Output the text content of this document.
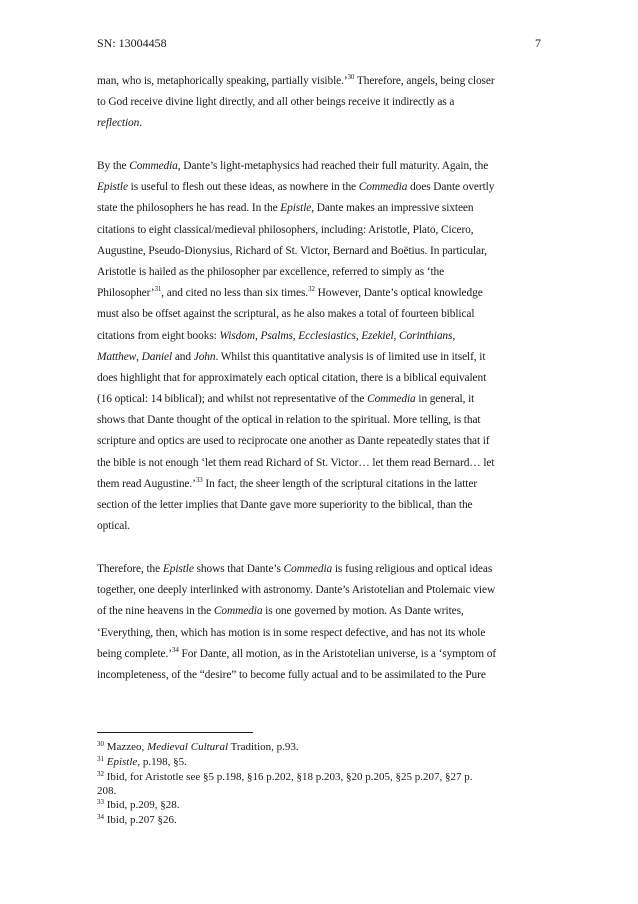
SN: 13004458	7
man, who is, metaphorically speaking, partially visible.’$^{30}$ Therefore, angels, being closer
to God receive divine light directly, and all other beings receive it indirectly as a
reflection.
By the Commedia, Dante’s light-metaphysics had reached their full maturity. Again, the
Epistle is useful to flesh out these ideas, as nowhere in the Commedia does Dante overtly
state the philosophers he has read. In the Epistle, Dante makes an impressive sixteen
citations to eight classical/medieval philosophers, including: Aristotle, Plato, Cicero,
Augustine, Pseudo-Dionysius, Richard of St. Victor, Bernard and Boëtius. In particular,
Aristotle is hailed as the philosopher par excellence, referred to simply as ‘the
Philosopher’$^{31}$, and cited no less than six times.$^{32}$ However, Dante’s optical knowledge
must also be offset against the scriptural, as he also makes a total of fourteen biblical
citations from eight books: Wisdom, Psalms, Ecclesiastics, Ezekiel, Corinthians,
Matthew, Daniel and John. Whilst this quantitative analysis is of limited use in itself, it
does highlight that for approximately each optical citation, there is a biblical equivalent
(16 optical: 14 biblical); and whilst not representative of the Commedia in general, it
shows that Dante thought of the optical in relation to the spiritual. More telling, is that
scripture and optics are used to reciprocate one another as Dante repeatedly states that if
the bible is not enough ‘let them read Richard of St. Victor… let them read Bernard… let
them read Augustine.’$^{33}$ In fact, the sheer length of the scriptural citations in the latter
section of the letter implies that Dante gave more superiority to the biblical, than the
optical.
Therefore, the Epistle shows that Dante’s Commedia is fusing religious and optical ideas
together, one deeply interlinked with astronomy. Dante’s Aristotelian and Ptolemaic view
of the nine heavens in the Commedia is one governed by motion. As Dante writes,
‘Everything, then, which has motion is in some respect defective, and has not its whole
being complete.’$^{34}$ For Dante, all motion, as in the Aristotelian universe, is a ‘symptom of
incompleteness, of the “desire” to become fully actual and to be assimilated to the Pure
$^{30}$ Mazzeo, Medieval Cultural Tradition, p.93.
$^{31}$ Epistle, p.198, §5.
$^{32}$ Ibid, for Aristotle see §5 p.198, §16 p.202, §18 p.203, §20 p.205, §25 p.207, §27 p.
208.
$^{33}$ Ibid, p.209, §28.
$^{34}$ Ibid, p.207 §26.
